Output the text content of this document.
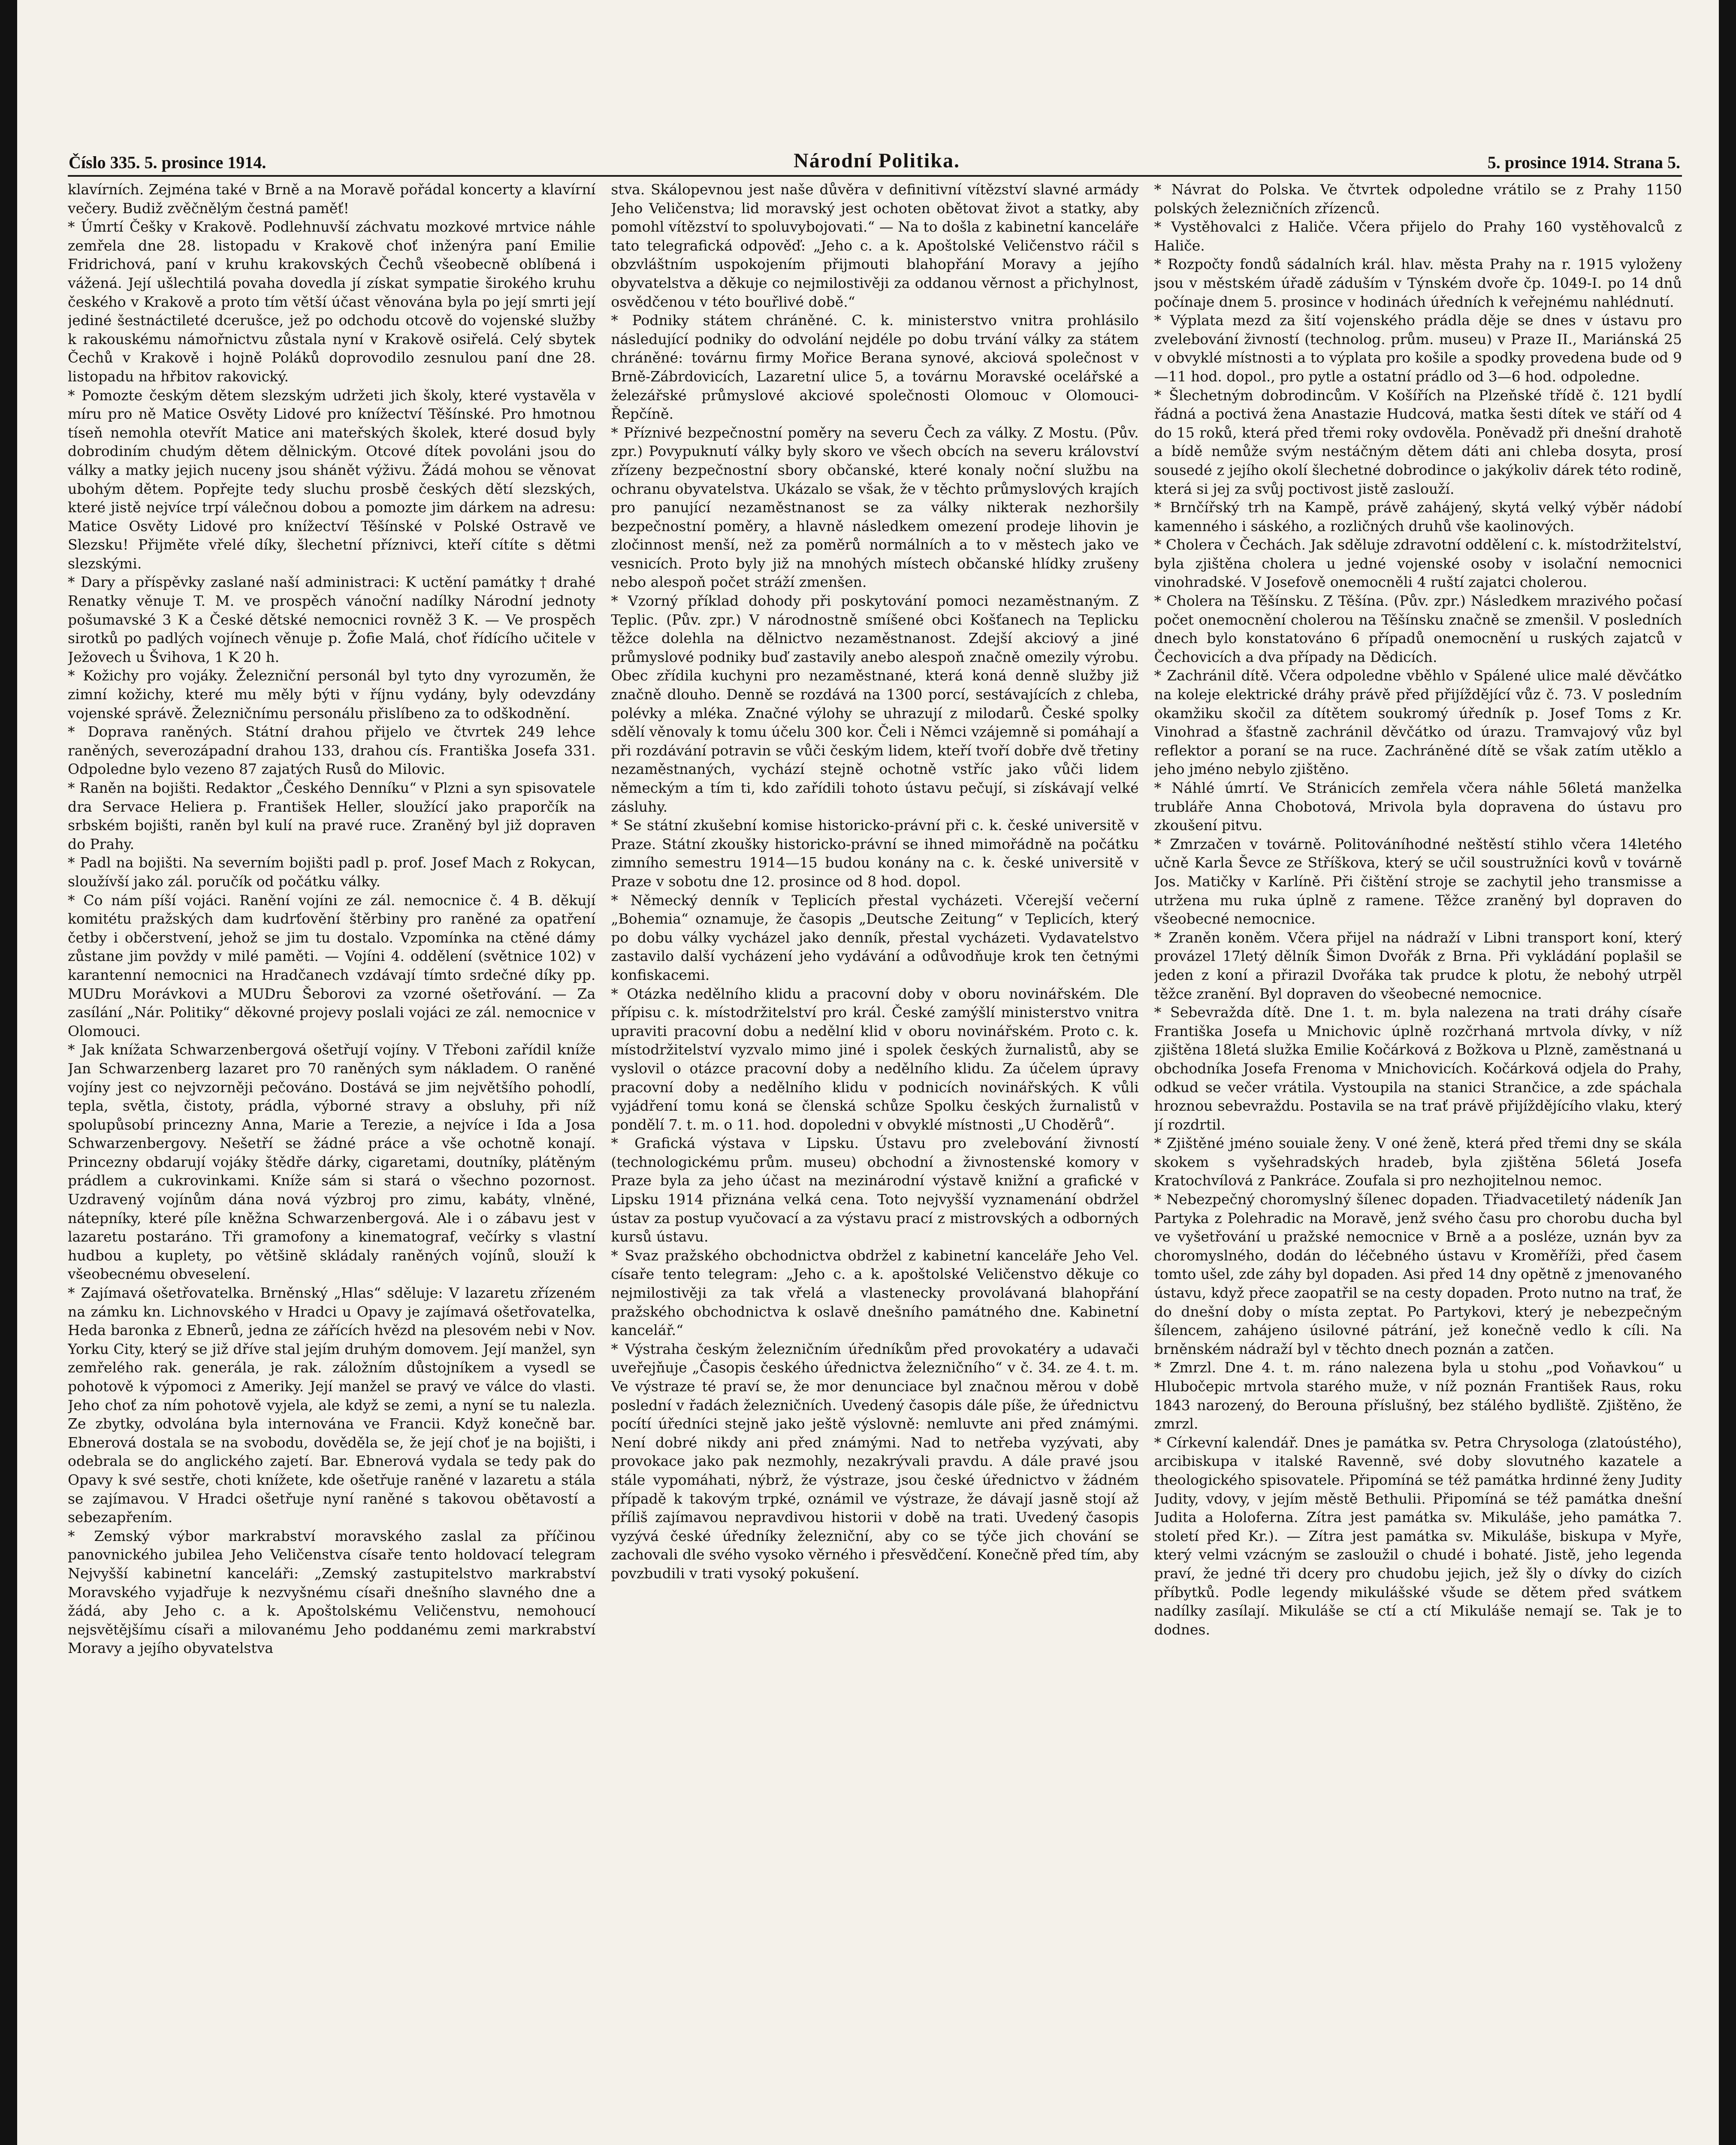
Číslo 335. 5. prosince 1914.	Národní Politika.	5. prosince 1914. Strana 5.

klavírních. Zejména také v Brně a na Moravě pořádal koncerty a klavírní večery. Budiž zvěčnělým čestná paměť!

* Úmrtí Češky v Krakově. Podlehnuvší záchvatu mozkové mrtvice náhle zemřela dne 28. listopadu v Krakově choť inženýra paní Emilie Fridrichová, paní v kruhu krakovských Čechů všeobecně oblíbená i vážená. Její ušlechtilá povaha dovedla jí získat sympatie širokého kruhu českého v Krakově a proto tím větší účast věnována byla po její smrti její jediné šestnáctileté dcerušce, jež po odchodu otcově do vojenské služby k rakouskému námořnictvu zůstala nyní v Krakově osiřelá. Celý sbytek Čechů v Krakově i hojně Poláků doprovodilo zesnulou paní dne 28. listopadu na hřbitov rakovický.

* Pomozte českým dětem slezským udržeti jich školy, které vystavěla v míru pro ně Matice Osvěty Lidové pro knížectví Těšínské. Pro hmotnou tíseň nemohla otevřít Matice ani mateřských školek, které dosud byly dobrodiním chudým dětem dělnickým. Otcové dítek povoláni jsou do války a matky jejich nuceny jsou shánět výživu. Žádá mohou se věnovat ubohým dětem. Popřejte tedy sluchu prosbě českých dětí slezských, které jistě nejvíce trpí válečnou dobou a pomozte jim dárkem na adresu: Matice Osvěty Lidové pro knížectví Těšínské v Polské Ostravě ve Slezsku! Přijměte vřelé díky, šlechetní příznivci, kteří cítíte s dětmi slezskými.

* Dary a příspěvky zaslané naší administraci: K uctění památky † drahé Renatky věnuje T. M. ve prospěch vánoční nadílky Národní jednoty pošumavské 3 K a České dětské nemocnici rovněž 3 K. — Ve prospěch sirotků po padlých vojínech věnuje p. Žofie Malá, choť řídícího učitele v Ježovech u Švihova, 1 K 20 h.

* Kožichy pro vojáky. Železniční personál byl tyto dny vyrozuměn, že zimní kožichy, které mu měly býti v říjnu vydány, byly odevzdány vojenské správě. Železničnímu personálu přislíbeno za to odškodnění.

* Doprava raněných. Státní drahou přijelo ve čtvrtek 249 lehce raněných, severozápadní drahou 133, drahou cís. Františka Josefa 331. Odpoledne bylo vezeno 87 zajatých Rusů do Milovic.

* Raněn na bojišti. Redaktor „Českého Denníku“ v Plzni a syn spisovatele dra Servace Heliera p. František Heller, sloužící jako praporčík na srbském bojišti, raněn byl kulí na pravé ruce. Zraněný byl již dopraven do Prahy.

* Padl na bojišti. Na severním bojišti padl p. prof. Josef Mach z Rokycan, sloužívší jako zál. poručík od počátku války.

* Co nám píší vojáci. Ranění vojíni ze zál. nemocnice č. 4 B. děkují komitétu pražských dam kudrťovění štěrbiny pro raněné za opatření četby i občerstvení, jehož se jim tu dostalo. Vzpomínka na ctěné dámy zůstane jim povždy v milé paměti. — Vojíni 4. oddělení (světnice 102) v karantenní nemocnici na Hradčanech vzdávají tímto srdečné díky pp. MUDru Morávkovi a MUDru Šeborovi za vzorné ošetřování. — Za zasílání „Nár. Politiky“ děkovné projevy poslali vojáci ze zál. nemocnice v Olomouci.

* Jak knížata Schwarzenbergová ošetřují vojíny. V Třeboni zařídil kníže Jan Schwarzenberg lazaret pro 70 raněných sym nákladem. O raněné vojíny jest co nejvzorněji pečováno. Dostává se jim největšího pohodlí, tepla, světla, čistoty, prádla, výborné stravy a obsluhy, při níž spolupůsobí princezny Anna, Marie a Terezie, a nejvíce i Ida a Josa Schwarzenbergovy. Nešetří se žádné práce a vše ochotně konají. Princezny obdarují vojáky štědře dárky, cigaretami, doutníky, plátěným prádlem a cukrovinkami. Kníže sám si stará o všechno pozornost. Uzdravený vojínům dána nová výzbroj pro zimu, kabáty, vlněné, nátepníky, které píle kněžna Schwarzenbergová. Ale i o zábavu jest v lazaretu postaráno. Tři gramofony a kinematograf, večírky s vlastní hudbou a kuplety, po většině skládaly raněných vojínů, slouží k všeobecnému obveselení.

* Zajímavá ošetřovatelka. Brněnský „Hlas“ sděluje: V lazaretu zřízeném na zámku kn. Lichnovského v Hradci u Opavy je zajímavá ošetřovatelka, Heda baronka z Ebnerů, jedna ze zářících hvězd na plesovém nebi v Nov. Yorku City, který se již dříve stal jejím druhým domovem. Její manžel, syn zemřelého rak. generála, je rak. záložním důstojníkem a vysedl se pohotově k výpomoci z Ameriky. Její manžel se pravý ve válce do vlasti. Jeho choť za ním pohotově vyjela, ale když se zemi, a nyní se tu nalezla. Ze zbytky, odvolána byla internována ve Francii. Když konečně bar. Ebnerová dostala se na svobodu, dověděla se, že její choť je na bojišti, i odebrala se do anglického zajetí. Bar. Ebnerová vydala se tedy pak do Opavy k své sestře, choti knížete, kde ošetřuje raněné v lazaretu a stála se zajímavou. V Hradci ošetřuje nyní raněné s takovou obětavostí a sebezapřením.

* Zemský výbor markrabství moravského zaslal za příčinou panovnického jubilea Jeho Veličenstva císaře tento holdovací telegram Nejvyšší kabinetní kanceláři: „Zemský zastupitelstvo markrabství Moravského vyjadřuje k nezvyšnému císaři dnešního slavného dne a žádá, aby Jeho c. a k. Apoštolskému Veličenstvu, nemohoucí nejsvětějšímu císaři a milovanému Jeho poddanému zemi markrabství Moravy a jejího obyvatelstva

stva. Skálopevnou jest naše důvěra v definitivní vítězství slavné armády Jeho Veličenstva; lid moravský jest ochoten obětovat život a statky, aby pomohl vítězství to spoluvybojovati.“ — Na to došla z kabinetní kanceláře tato telegrafická odpověď: „Jeho c. a k. Apoštolské Veličenstvo ráčil s obzvláštním uspokojením přijmouti blahopřání Moravy a jejího obyvatelstva a děkuje co nejmilostivěji za oddanou věrnost a přichylnost, osvědčenou v této bouřlivé době.“

* Podniky státem chráněné. C. k. ministerstvo vnitra prohlásilo následující podniky do odvolání nejdéle po dobu trvání války za státem chráněné: továrnu firmy Mořice Berana synové, akciová společnost v Brně-Zábrdovicích, Lazaretní ulice 5, a továrnu Moravské ocelářské a železářské průmyslové akciové společnosti Olomouc v Olomouci-Řepčíně.

* Příznivé bezpečnostní poměry na severu Čech za války. Z Mostu. (Pův. zpr.) Povypuknutí války byly skoro ve všech obcích na severu království zřízeny bezpečnostní sbory občanské, které konaly noční službu na ochranu obyvatelstva. Ukázalo se však, že v těchto průmyslových krajích pro panující nezaměstnanost se za války nikterak nezhoršily bezpečnostní poměry, a hlavně následkem omezení prodeje lihovin je zločinnost menší, než za poměrů normálních a to v městech jako ve vesnicích. Proto byly již na mnohých místech občanské hlídky zrušeny nebo alespoň počet stráží zmenšen.

* Vzorný příklad dohody při poskytování pomoci nezaměstnaným. Z Teplic. (Pův. zpr.) V národnostně smíšené obci Košťanech na Teplicku těžce dolehla na dělnictvo nezaměstnanost. Zdejší akciový a jiné průmyslové podniky buď zastavily anebo alespoň značně omezily výrobu. Obec zřídila kuchyni pro nezaměstnané, která koná denně služby již značně dlouho. Denně se rozdává na 1300 porcí, sestávajících z chleba, polévky a mléka. Značné výlohy se uhrazují z milodarů. České spolky sdělí věnovaly k tomu účelu 300 kor. Čeli i Němci vzájemně si pomáhají a při rozdávání potravin se vůči českým lidem, kteří tvoří dobře dvě třetiny nezaměstnaných, vychází stejně ochotně vstříc jako vůči lidem německým a tím ti, kdo zařídili tohoto ústavu pečují, si získávají velké zásluhy.

* Se státní zkušební komise historicko-právní při c. k. české universitě v Praze. Státní zkoušky historicko-právní se ihned mimořádně na počátku zimního semestru 1914—15 budou konány na c. k. české universitě v Praze v sobotu dne 12. prosince od 8 hod. dopol.

* Německý denník v Teplicích přestal vycházeti. Včerejší večerní „Bohemia“ oznamuje, že časopis „Deutsche Zeitung“ v Teplicích, který po dobu války vycházel jako denník, přestal vycházeti. Vydavatelstvo zastavilo další vycházení jeho vydávání a odůvodňuje krok ten četnými konfiskacemi.

* Otázka nedělního klidu a pracovní doby v oboru novinářském. Dle přípisu c. k. místodržitelství pro král. České zamýšlí ministerstvo vnitra upraviti pracovní dobu a nedělní klid v oboru novinářském. Proto c. k. místodržitelství vyzvalo mimo jiné i spolek českých žurnalistů, aby se vyslovil o otázce pracovní doby a nedělního klidu. Za účelem úpravy pracovní doby a nedělního klidu v podnicích novinářských. K vůli vyjádření tomu koná se členská schůze Spolku českých žurnalistů v pondělí 7. t. m. o 11. hod. dopoledni v obvyklé místnosti „U Choděrů“.

* Grafická výstava v Lipsku. Ústavu pro zvelebování živností (technologickému prům. museu) obchodní a živnostenské komory v Praze byla za jeho účast na mezinárodní výstavě knižní a grafické v Lipsku 1914 přiznána velká cena. Toto nejvyšší vyznamenání obdržel ústav za postup vyučovací a za výstavu prací z mistrovských a odborných kursů ústavu.

* Svaz pražského obchodnictva obdržel z kabinetní kanceláře Jeho Vel. císaře tento telegram: „Jeho c. a k. apoštolské Veličenstvo děkuje co nejmilostivěji za tak vřelá a vlastenecky provolávaná blahopřání pražského obchodnictva k oslavě dnešního památného dne. Kabinetní kancelář.“

* Výstraha českým železničním úředníkům před provokatéry a udavači uveřejňuje „Časopis českého úřednictva železničního“ v č. 34. ze 4. t. m. Ve výstraze té praví se, že mor denunciace byl značnou měrou v době poslední v řadách železničních. Uvedený časopis dále píše, že úřednictvu pocítí úředníci stejně jako ještě výslovně: nemluvte ani před známými. Není dobré nikdy ani před známými. Nad to netřeba vyzývati, aby provokace jako pak nezmohly, nezakrývali pravdu. A dále pravé jsou stále vypomáhati, nýbrž, že výstraze, jsou české úřednictvo v žádném případě k takovým trpké, oznámil ve výstraze, že dávají jasně stojí až příliš zajímavou nepravdivou historii v době na trati. Uvedený časopis vyzývá české úředníky železniční, aby co se týče jich chování se zachovali dle svého vysoko věrného i přesvědčení. Konečně před tím, aby povzbudili v trati vysoký pokušení.

* Návrat do Polska. Ve čtvrtek odpoledne vrátilo se z Prahy 1150 polských železničních zřízenců.

* Vystěhovalci z Haliče. Včera přijelo do Prahy 160 vystěhovalců z Haliče.

* Rozpočty fondů sádalních král. hlav. města Prahy na r. 1915 vyloženy jsou v městském úřadě záduším v Týnském dvoře čp. 1049-I. po 14 dnů počínaje dnem 5. prosince v hodinách úředních k veřejnému nahlédnutí.

* Výplata mezd za šití vojenského prádla děje se dnes v ústavu pro zvelebování živností (technolog. prům. museu) v Praze II., Mariánská 25 v obvyklé místnosti a to výplata pro košile a spodky provedena bude od 9—11 hod. dopol., pro pytle a ostatní prádlo od 3—6 hod. odpoledne.

* Šlechetným dobrodincům. V Košířích na Plzeňské třídě č. 121 bydlí řádná a poctivá žena Anastazie Hudcová, matka šesti dítek ve stáří od 4 do 15 roků, která před třemi roky ovdověla. Poněvadž při dnešní drahotě a bídě nemůže svým nestáčným dětem dáti ani chleba dosyta, prosí sousedé z jejího okolí šlechetné dobrodince o jakýkoliv dárek této rodině, která si jej za svůj poctivost jistě zaslouží.

* Brnčířský trh na Kampě, právě zahájený, skytá velký výběr nádobí kamenného i sáského, a rozličných druhů vše kaolinových.

* Cholera v Čechách. Jak sděluje zdravotní oddělení c. k. místodržitelství, byla zjištěna cholera u jedné vojenské osoby v isolační nemocnici vinohradské. V Josefově onemocněli 4 ruští zajatci cholerou.

* Cholera na Těšínsku. Z Těšína. (Pův. zpr.) Následkem mrazivého počasí počet onemocnění cholerou na Těšínsku značně se zmenšil. V posledních dnech bylo konstatováno 6 případů onemocnění u ruských zajatců v Čechovicích a dva případy na Dědicích.

* Zachránil dítě. Včera odpoledne vběhlo v Spálené ulice malé děvčátko na koleje elektrické dráhy právě před přijíždějící vůz č. 73. V posledním okamžiku skočil za dítětem soukromý úředník p. Josef Toms z Kr. Vinohrad a šťastně zachránil děvčátko od úrazu. Tramvajový vůz byl reflektor a poraní se na ruce. Zachráněné dítě se však zatím utěklo a jeho jméno nebylo zjištěno.

* Náhlé úmrtí. Ve Stránicích zemřela včera náhle 56letá manželka trubláře Anna Chobotová, Mrivola byla dopravena do ústavu pro zkoušení pitvu.

* Zmrzačen v továrně. Politováníhodné neštěstí stihlo včera 14letého učně Karla Ševce ze Stříškova, který se učil soustružníci kovů v továrně Jos. Matičky v Karlíně. Při čištění stroje se zachytil jeho transmisse a utržena mu ruka úplně z ramene. Těžce zraněný byl dopraven do všeobecné nemocnice.

* Zraněn koněm. Včera přijel na nádraží v Libni transport koní, který provázel 17letý dělník Šimon Dvořák z Brna. Při vykládání poplašil se jeden z koní a přirazil Dvořáka tak prudce k plotu, že nebohý utrpěl těžce zranění. Byl dopraven do všeobecné nemocnice.

* Sebevražda dítě. Dne 1. t. m. byla nalezena na trati dráhy císaře Františka Josefa u Mnichovic úplně rozčrhaná mrtvola dívky, v níž zjištěna 18letá služka Emilie Kočárková z Božkova u Plzně, zaměstnaná u obchodníka Josefa Frenoma v Mnichovicích. Kočárková odjela do Prahy, odkud se večer vrátila. Vystoupila na stanici Strančice, a zde spáchala hroznou sebevraždu. Postavila se na trať právě přijíždějícího vlaku, který jí rozdrtil.

* Zjištěné jméno souiale ženy. V oné ženě, která před třemi dny se skála skokem s vyšehradských hradeb, byla zjištěna 56letá Josefa Kratochvílová z Pankráce. Zoufala si pro nezhojitelnou nemoc.

* Nebezpečný choromyslný šílenec dopaden. Třiadvacetiletý nádeník Jan Partyka z Polehradic na Moravě, jenž svého času pro chorobu ducha byl ve vyšetřování u pražské nemocnice v Brně a a posléze, uznán byv za choromyslného, dodán do léčebného ústavu v Kroměříži, před časem tomto ušel, zde záhy byl dopaden. Asi před 14 dny opětně z jmenovaného ústavu, když přece zaopatřil se na cesty dopaden. Proto nutno na trať, že do dnešní doby o místa zeptat. Po Partykovi, který je nebezpečným šílencem, zahájeno úsilovné pátrání, jež konečně vedlo k cíli. Na brněnském nádraží byl v těchto dnech poznán a zatčen.

* Zmrzl. Dne 4. t. m. ráno nalezena byla u stohu „pod Voňavkou“ u Hlubočepic mrtvola starého muže, v níž poznán František Raus, roku 1843 narozený, do Berouna příslušný, bez stálého bydliště. Zjištěno, že zmrzl.

* Církevní kalendář. Dnes je památka sv. Petra Chrysologa (zlatoústého), arcibiskupa v italské Ravenně, své doby slovutného kazatele a theologického spisovatele. Připomíná se též památka hrdinné ženy Judity Judity, vdovy, v jejím městě Bethulii. Připomíná se též památka dnešní Judita a Holoferna. Zítra jest památka sv. Mikuláše, jeho památka 7. století před Kr.). — Zítra jest památka sv. Mikuláše, biskupa v Myře, který velmi vzácným se zasloužil o chudé i bohaté. Jistě, jeho legenda praví, že jedné tři dcery pro chudobu jejich, jež šly o dívky do cizích příbytků. Podle legendy mikulášské všude se dětem před svátkem nadílky zasílají. Mikuláše se ctí a ctí Mikuláše nemají se. Tak je to dodnes.
